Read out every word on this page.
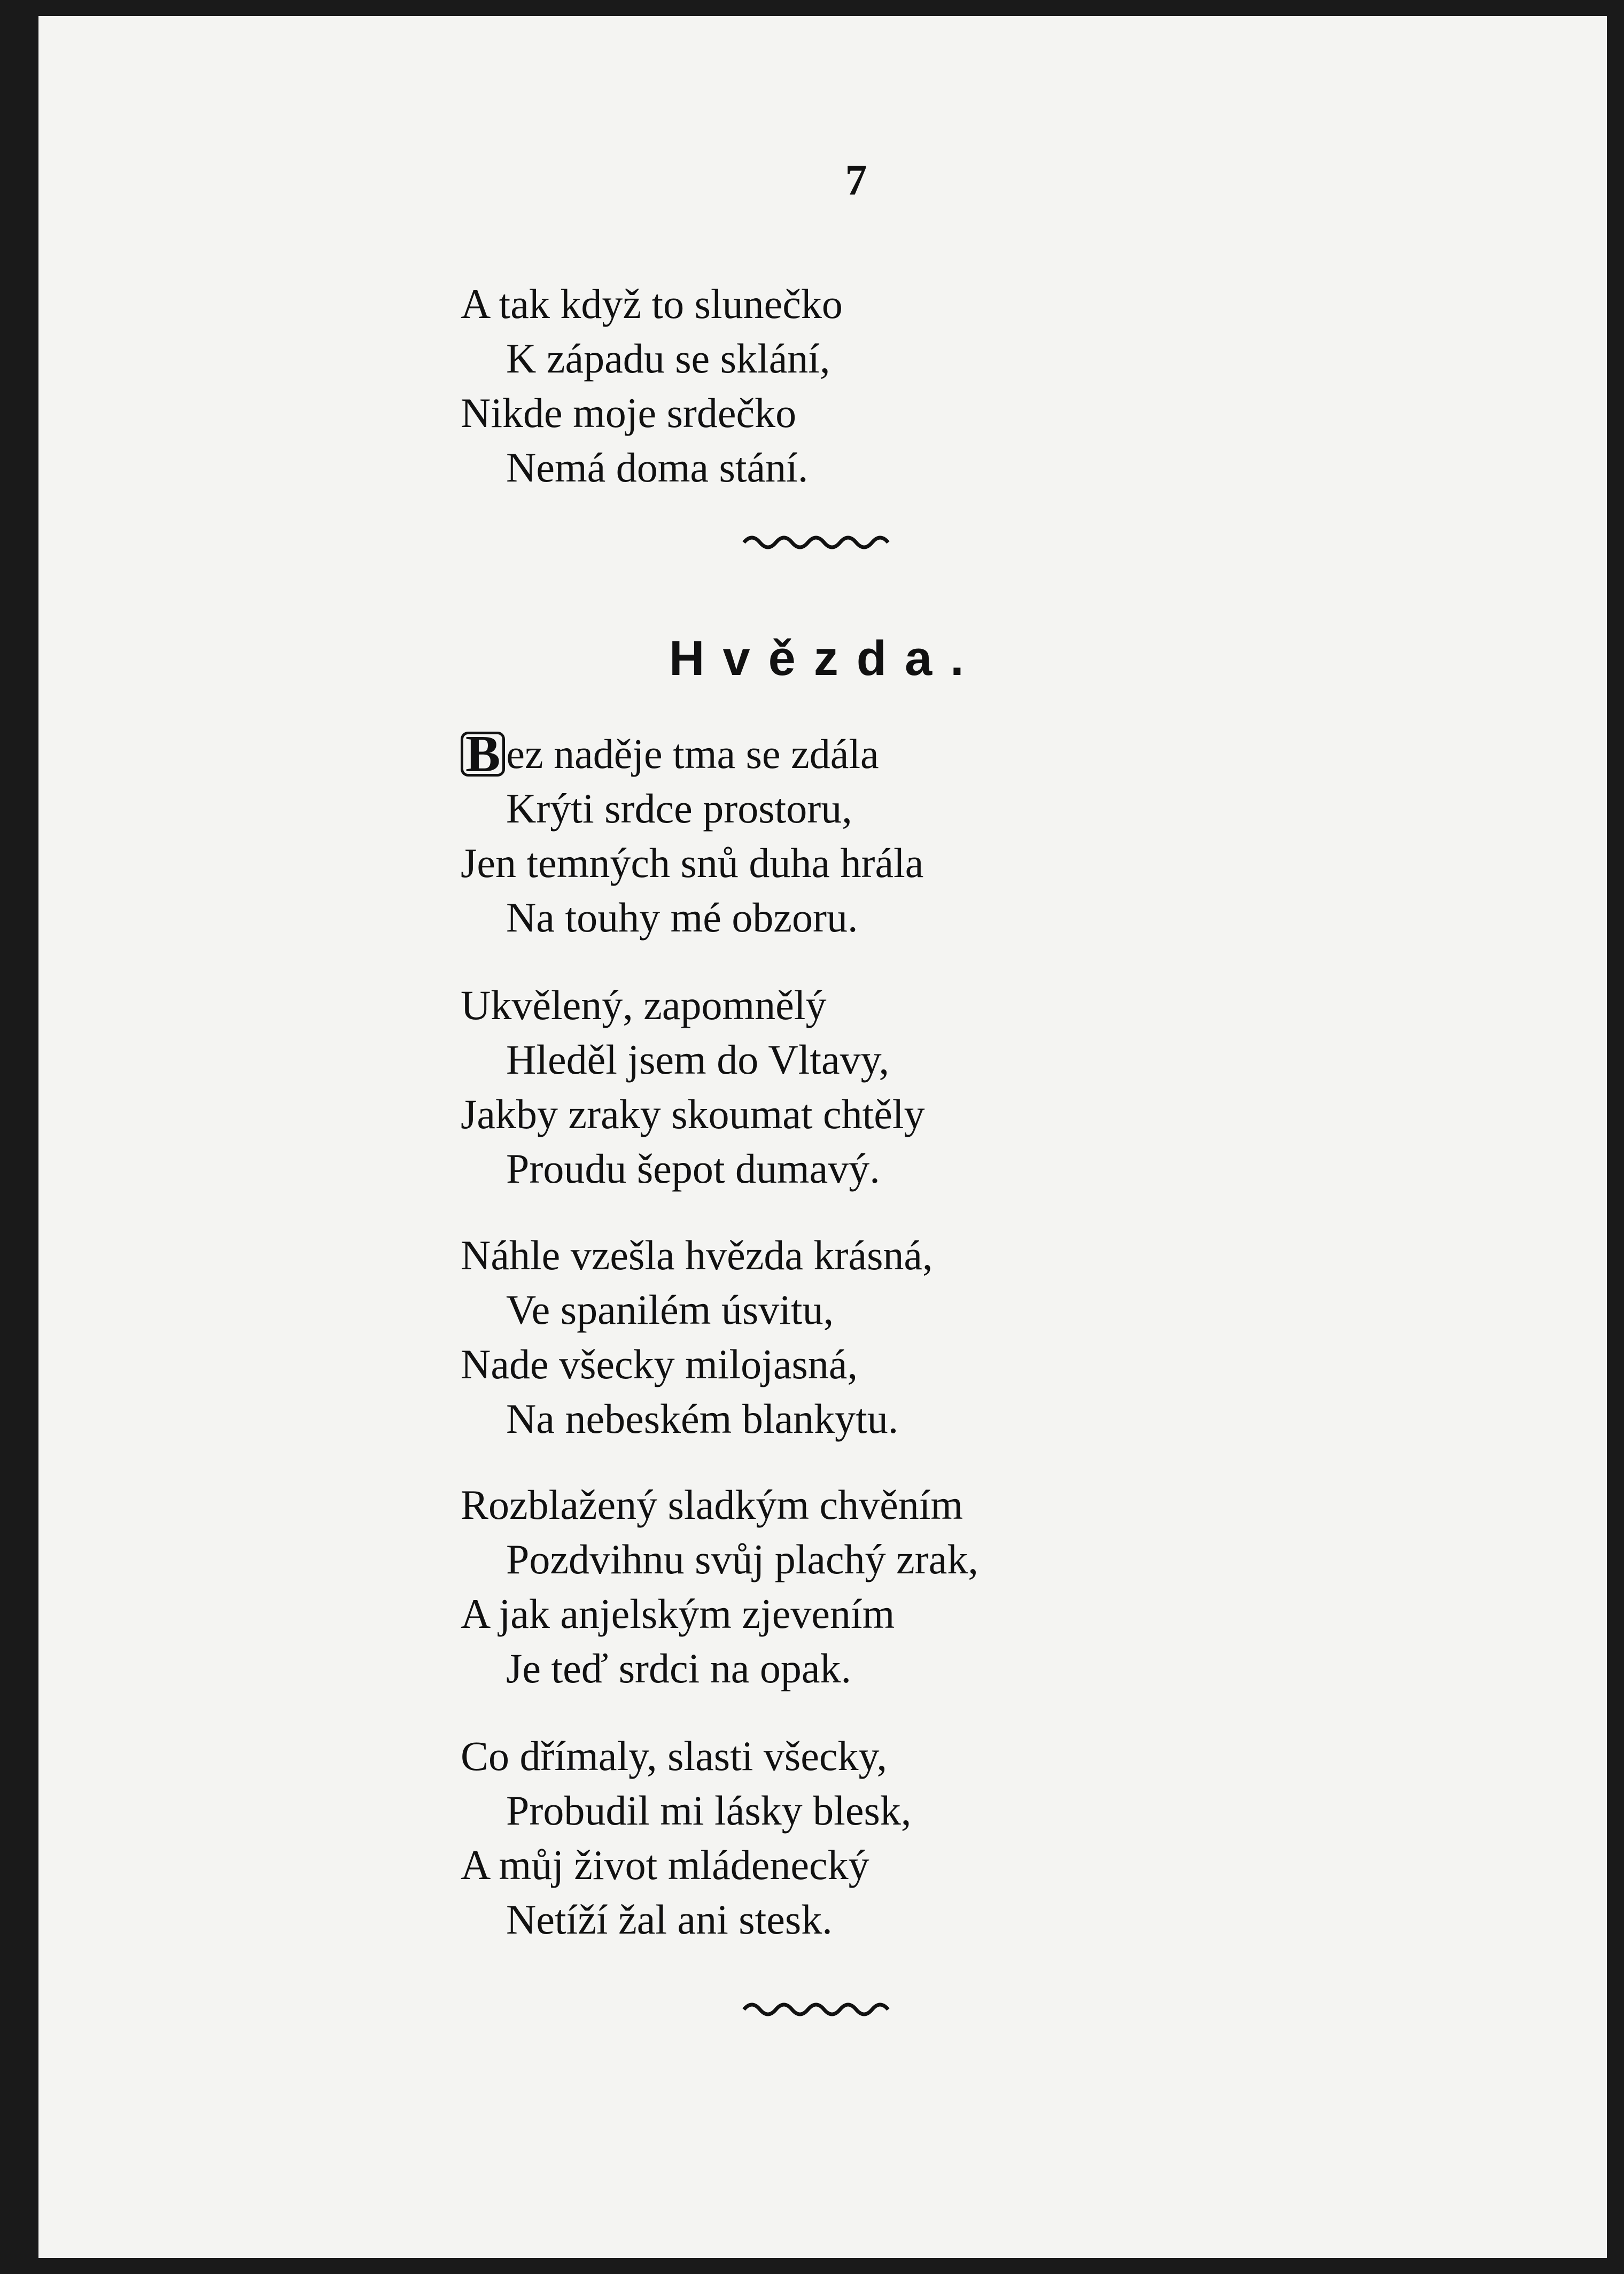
7
A tak když to slunečko
K západu se sklání,
Nikde moje srdečko
Nemá doma stání.
Hvězda.
B ez naděje tma se zdála
Krýti srdce prostoru,
Jen temných snů duha hrála
Na touhy mé obzoru.
Ukvělený, zapomnělý
Hleděl jsem do Vltavy,
Jakby zraky skoumat chtěly
Proudu šepot dumavý.
Náhle vzešla hvězda krásná,
Ve spanilém úsvitu,
Nade všecky milojasná,
Na nebeském blankytu.
Rozblažený sladkým chvěním
Pozdvihnu svůj plachý zrak,
A jak anjelským zjevením
Je teď srdci na opak.
Co dřímaly, slasti všecky,
Probudil mi lásky blesk,
A můj život mládenecký
Netíží žal ani stesk.
